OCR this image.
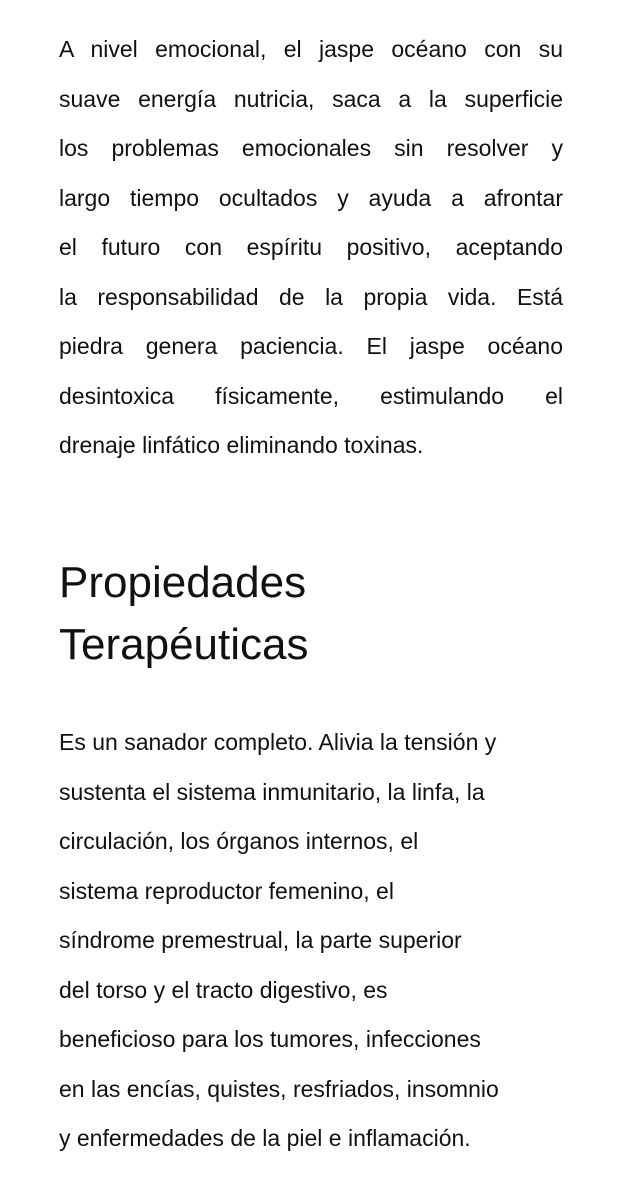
A nivel emocional, el jaspe océano con su
suave energía nutricia, saca a la superficie
los problemas emocionales sin resolver y
largo tiempo ocultados y ayuda a afrontar
el futuro con espíritu positivo, aceptando
la responsabilidad de la propia vida. Está
piedra genera paciencia. El jaspe océano
desintoxica físicamente, estimulando el
drenaje linfático eliminando toxinas.
Propiedades
Terapéuticas
Es un sanador completo. Alivia la tensión y
sustenta el sistema inmunitario, la linfa, la
circulación, los órganos internos, el
sistema reproductor femenino, el
síndrome premestrual, la parte superior
del torso y el tracto digestivo, es
beneficioso para los tumores, infecciones
en las encías, quistes, resfriados, insomnio
y enfermedades de la piel e inflamación.
